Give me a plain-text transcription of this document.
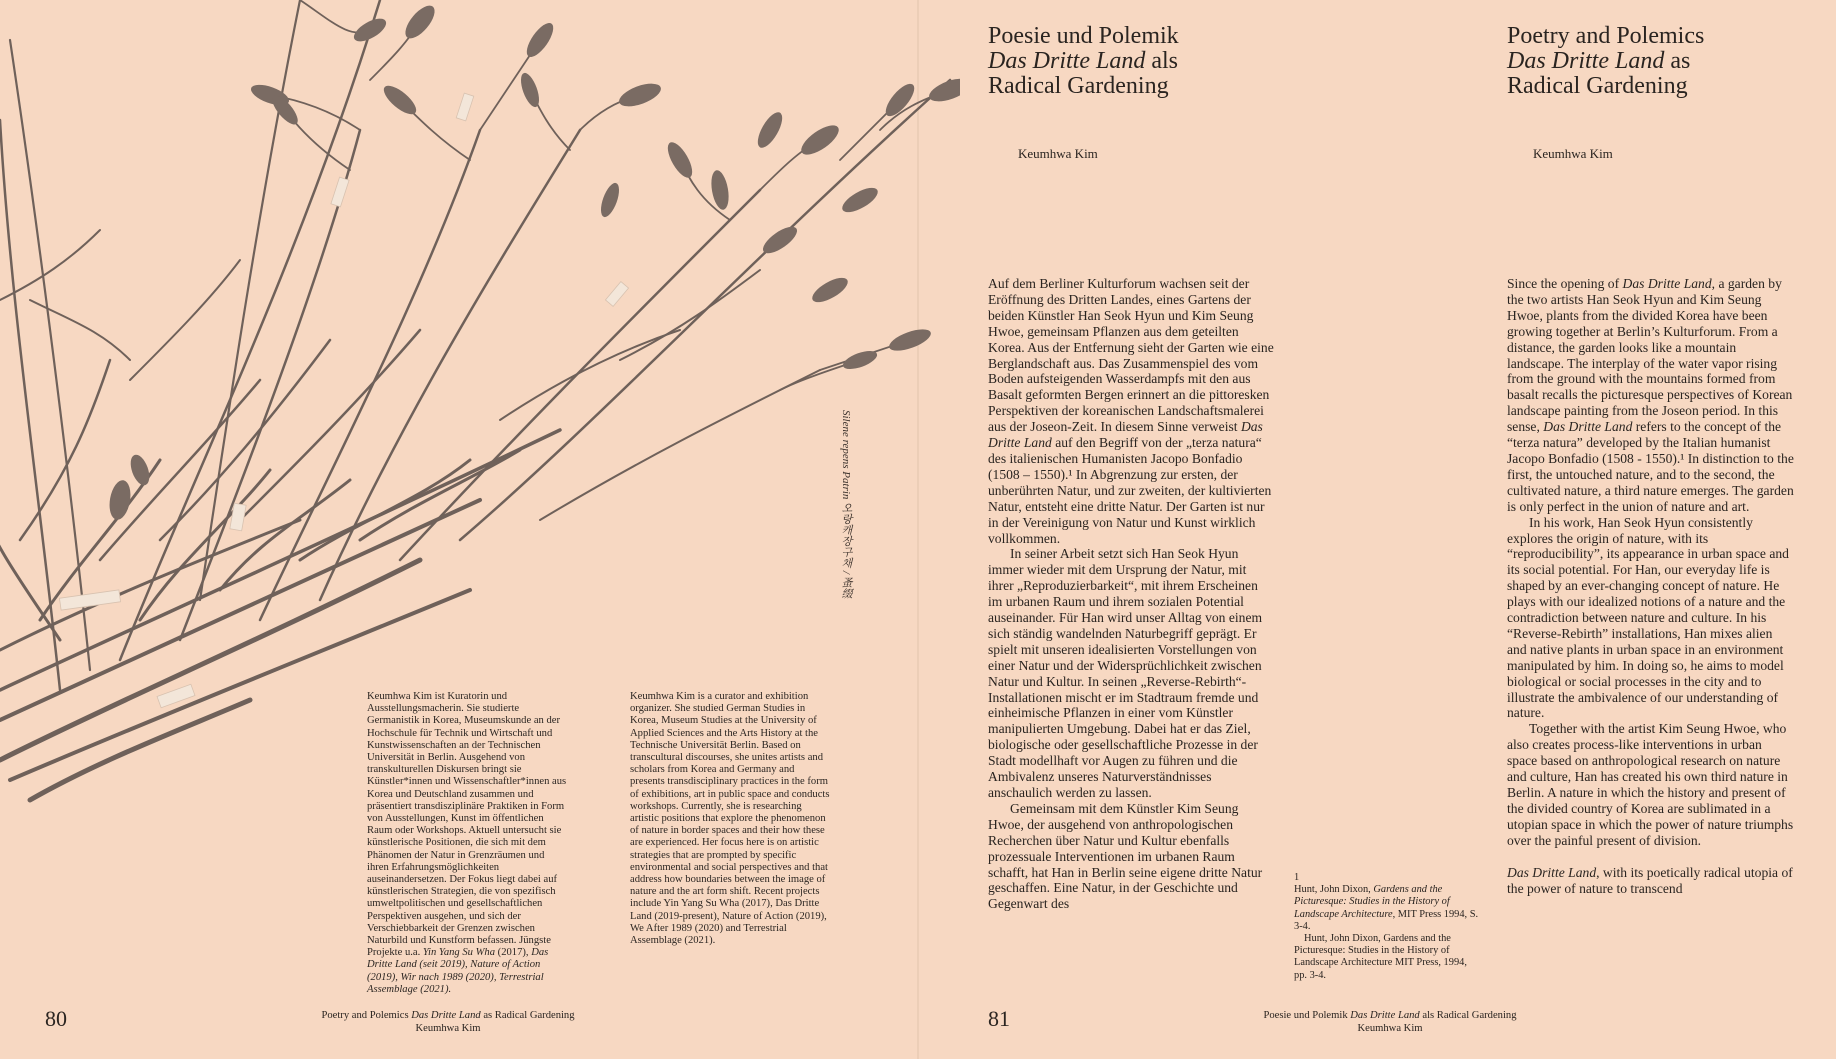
Silene repens Patrin 오랑캐장구채 / 蚤缀
Keumhwa Kim ist Kuratorin und Ausstellungsmacherin. Sie studierte Germanistik in Korea, Museumskunde an der Hochschule für Technik und Wirtschaft und Kunstwissenschaften an der Technischen Universität in Berlin. Ausgehend von transkulturellen Diskursen bringt sie Künstler*innen und Wissenschaftler*innen aus Korea und Deutschland zusammen und präsentiert transdisziplinäre Praktiken in Form von Ausstellungen, Kunst im öffentlichen Raum oder Workshops. Aktuell untersucht sie künstlerische Positionen, die sich mit dem Phänomen der Natur in Grenzräumen und ihren Erfahrungsmöglichkeiten auseinandersetzen. Der Fokus liegt dabei auf künstlerischen Strategien, die von spezifisch umweltpolitischen und gesellschaftlichen Perspektiven ausgehen, und sich der Verschiebbarkeit der Grenzen zwischen Naturbild und Kunstform befassen. Jüngste Projekte u.a. Yin Yang Su Wha (2017), Das Dritte Land (seit 2019), Nature of Action (2019), Wir nach 1989 (2020), Terrestrial Assemblage (2021).
Keumhwa Kim is a curator and exhibition organizer. She studied German Studies in Korea, Museum Studies at the University of Applied Sciences and the Arts History at the Technische Universität Berlin. Based on transcultural discourses, she unites artists and scholars from Korea and Germany and presents transdisciplinary practices in the form of exhibitions, art in public space and conducts workshops. Currently, she is researching artistic positions that explore the phenomenon of nature in border spaces and their how these are experienced. Her focus here is on artistic strategies that are prompted by specific environmental and social perspectives and that address how boundaries between the image of nature and the art form shift. Recent projects include Yin Yang Su Wha (2017), Das Dritte Land (2019-present), Nature of Action (2019), We After 1989 (2020) and Terrestrial Assemblage (2021).
80	Poetry and Polemics Das Dritte Land as Radical Gardening
Keumhwa Kim
Poesie und Polemik
Das Dritte Land als
Radical Gardening
Keumhwa Kim

Auf dem Berliner Kulturforum wachsen seit der Eröffnung des Dritten Landes, eines Gartens der beiden Künstler Han Seok Hyun und Kim Seung Hwoe, gemeinsam Pflanzen aus dem geteilten Korea. Aus der Entfernung sieht der Garten wie eine Berglandschaft aus. Das Zusammenspiel des vom Boden aufsteigenden Wasserdampfs mit den aus Basalt geformten Bergen erinnert an die pittoresken Perspektiven der koreanischen Landschaftsmalerei aus der Joseon-Zeit. In diesem Sinne verweist Das Dritte Land auf den Begriff von der „terza natura“ des italienischen Humanisten Jacopo Bonfadio (1508 – 1550).¹ In Abgrenzung zur ersten, der unberührten Natur, und zur zweiten, der kultivierten Natur, entsteht eine dritte Natur. Der Garten ist nur in der Vereinigung von Natur und Kunst wirklich vollkommen.

In seiner Arbeit setzt sich Han Seok Hyun immer wieder mit dem Ursprung der Natur, mit ihrer „Reproduzierbarkeit“, mit ihrem Erscheinen im urbanen Raum und ihrem sozialen Potential auseinander. Für Han wird unser Alltag von einem sich ständig wandelnden Naturbegriff geprägt. Er spielt mit unseren idealisierten Vorstellungen von einer Natur und der Widersprüchlichkeit zwischen Natur und Kultur. In seinen „Reverse-Rebirth“-Installationen mischt er im Stadtraum fremde und einheimische Pflanzen in einer vom Künstler manipulierten Umgebung. Dabei hat er das Ziel, biologische oder gesellschaftliche Prozesse in der Stadt modellhaft vor Augen zu führen und die Ambivalenz unseres Naturverständnisses anschaulich werden zu lassen.

Gemeinsam mit dem Künstler Kim Seung Hwoe, der ausgehend von anthropologischen Recherchen über Natur und Kultur ebenfalls prozessuale Interventionen im urbanen Raum schafft, hat Han in Berlin seine eigene dritte Natur geschaffen. Eine Natur, in der Geschichte und Gegenwart des

Poetry and Polemics
Das Dritte Land as
Radical Gardening
Keumhwa Kim

Since the opening of Das Dritte Land, a garden by the two artists Han Seok Hyun and Kim Seung Hwoe, plants from the divided Korea have been growing together at Berlin’s Kulturforum. From a distance, the garden looks like a mountain landscape. The interplay of the water vapor rising from the ground with the mountains formed from basalt recalls the picturesque perspectives of Korean landscape painting from the Joseon period. In this sense, Das Dritte Land refers to the concept of the “terza natura” developed by the Italian humanist Jacopo Bonfadio (1508 - 1550).¹ In distinction to the first, the untouched nature, and to the second, the cultivated nature, a third nature emerges. The garden is only perfect in the union of nature and art.

In his work, Han Seok Hyun consistently explores the origin of nature, with its “reproducibility”, its appearance in urban space and its social potential. For Han, our everyday life is shaped by an ever-changing concept of nature. He plays with our idealized notions of a nature and the contradiction between nature and culture. In his “Reverse-Rebirth” installations, Han mixes alien and native plants in urban space in an environment manipulated by him. In doing so, he aims to model biological or social processes in the city and to illustrate the ambivalence of our understanding of nature.

Together with the artist Kim Seung Hwoe, who also creates process-like interventions in urban space based on anthropological research on nature and culture, Han has created his own third nature in Berlin. A nature in which the history and present of the divided country of Korea are sublimated in a utopian space in which the power of nature triumphs over the painful present of division.

Das Dritte Land, with its poetically radical utopia of the power of nature to transcend

1

Hunt, John Dixon, Gardens and the Picturesque: Studies in the History of Landscape Architecture, MIT Press 1994, S. 3-4.

Hunt, John Dixon, Gardens and the Picturesque: Studies in the History of Landscape Architecture MIT Press, 1994, pp. 3-4.

81	Poesie und Polemik Das Dritte Land als Radical Gardening
Keumhwa Kim
